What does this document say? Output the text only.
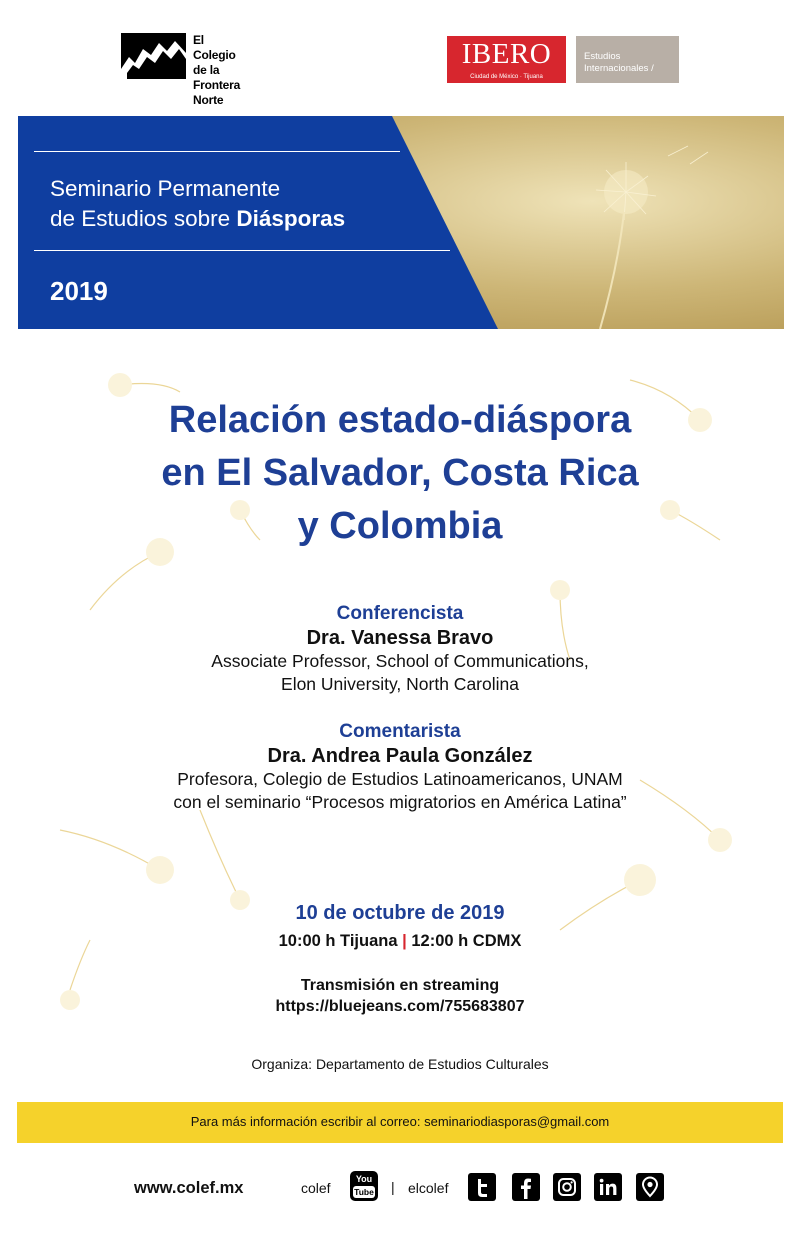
El Colegio
de la Frontera
Norte
IBERO
Ciudad de México · Tijuana
Estudios
Internacionales /
Seminario Permanente
de Estudios sobre Diásporas
2019
Relación estado-diáspora
en El Salvador, Costa Rica
y Colombia
Conferencista
Dra. Vanessa Bravo
Associate Professor, School of Communications,
Elon University, North Carolina
Comentarista
Dra. Andrea Paula González
Profesora, Colegio de Estudios Latinoamericanos, UNAM
con el seminario “Procesos migratorios en América Latina”
10 de octubre de 2019
10:00 h Tijuana | 12:00 h CDMX
Transmisión en streaming
https://bluejeans.com/755683807
Organiza: Departamento de Estudios Culturales
Para más información escribir al correo: seminariodiasporas@gmail.com
www.colef.mx	colef
You
Tube | elcolef
